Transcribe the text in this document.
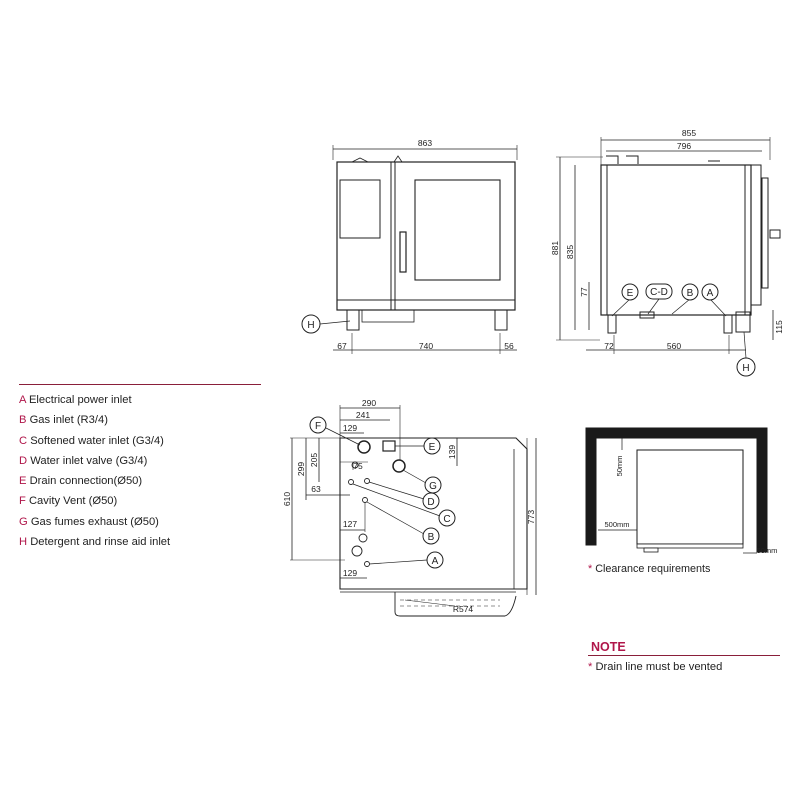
H
863
67	740	56
E C-D B A
H
855
796
881 835
77
72	560
115
F
E
G
D
C
B
A
290
241
129
139
75
205
299
63
610
127	773
129
R574
50mm
500mm
50mm
A Electrical power inlet
B Gas inlet (R3/4)
C Softened water inlet (G3/4)
D Water inlet valve (G3/4)
E Drain connection(Ø50)
F Cavity Vent (Ø50)
G Gas fumes exhaust (Ø50)
H Detergent and rinse aid inlet
* Clearance requirements
NOTE
* Drain line must be vented
